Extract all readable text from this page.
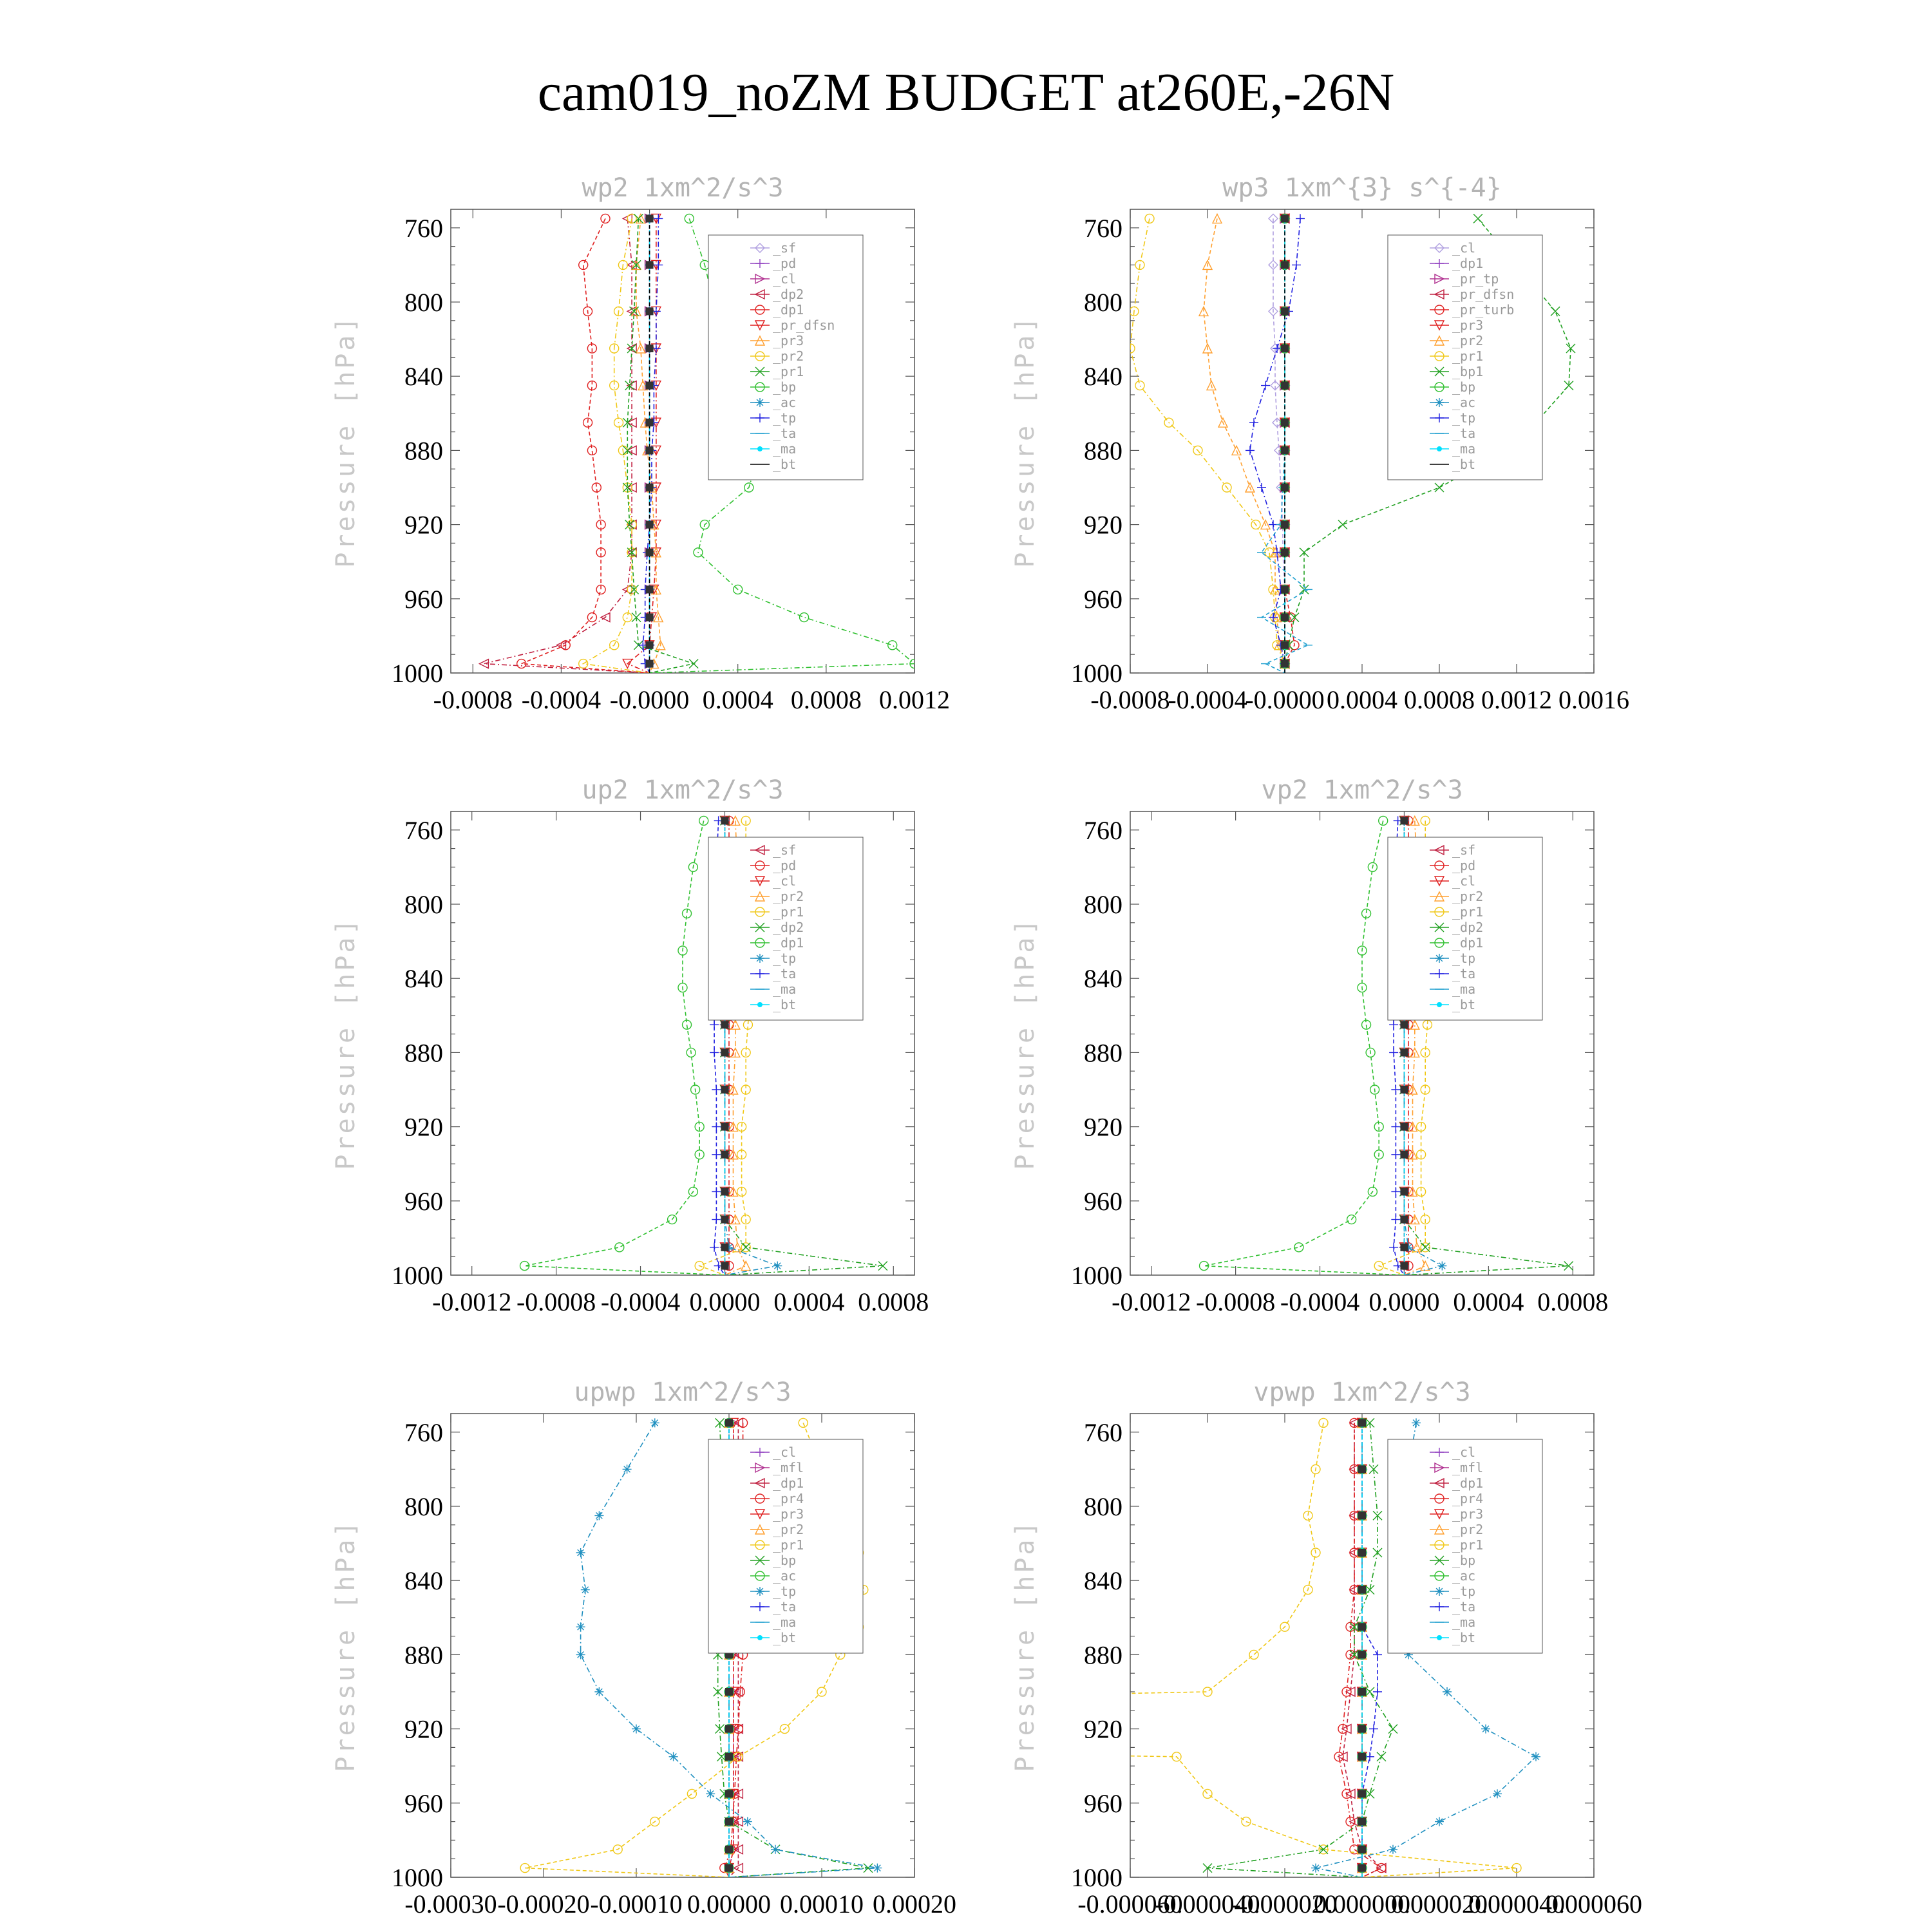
cam019_noZM BUDGET at260E,-26N
wp2 1xm^2/s^3
Pressure [hPa]
760
800
840
880
920
960
1000
-0.0008 -0.0004 -0.0000 0.0004 0.0008 0.0012
_sf
_pd
_cl
_dp2
_dp1
_pr_dfsn
_pr3
_pr2
_pr1
_bp
_ac
_tp
_ta
_ma
_bt
wp3 1xm^{3} s^{-4}
Pressure [hPa]
760
800
840
880
920
960
1000
-0.0008
-0.0004
-0.0000 0.0004 0.0008 0.0012 0.0016
_cl
_dp1
_pr_tp
_pr_dfsn
_pr_turb
_pr3
_pr2
_pr1
_bp1
_bp
_ac
_tp
_ta
_ma
_bt
up2 1xm^2/s^3
Pressure [hPa]
760
800
840
880
920
960
1000
-0.0012 -0.0008 -0.0004 0.0000 0.0004 0.0008
_sf
_pd
_cl
_pr2
_pr1
_dp2
_dp1
_tp
_ta
_ma
_bt
vp2 1xm^2/s^3
Pressure [hPa]
760
800
840
880
920
960
1000
-0.0012 -0.0008 -0.0004 0.0000 0.0004 0.0008
_sf
_pd
_cl
_pr2
_pr1
_dp2
_dp1
_tp
_ta
_ma
_bt
upwp 1xm^2/s^3
Pressure [hPa]
760
800
840
880
920
960
1000
-0.00030 -0.00020 -0.00010 0.00000 0.00010 0.00020
_cl
_mfl
_dp1
_pr4
_pr3
_pr2
_pr1
_bp
_ac
_tp
_ta
_ma
_bt
vpwp 1xm^2/s^3
Pressure [hPa]
760
800
840
880
920
960
1000
-0.000060
-0.000040
-0.000020
0.000000
0.000020
0.000040
0.000060
_cl
_mfl
_dp1
_pr4
_pr3
_pr2
_pr1
_bp
_ac
_tp
_ta
_ma
_bt
